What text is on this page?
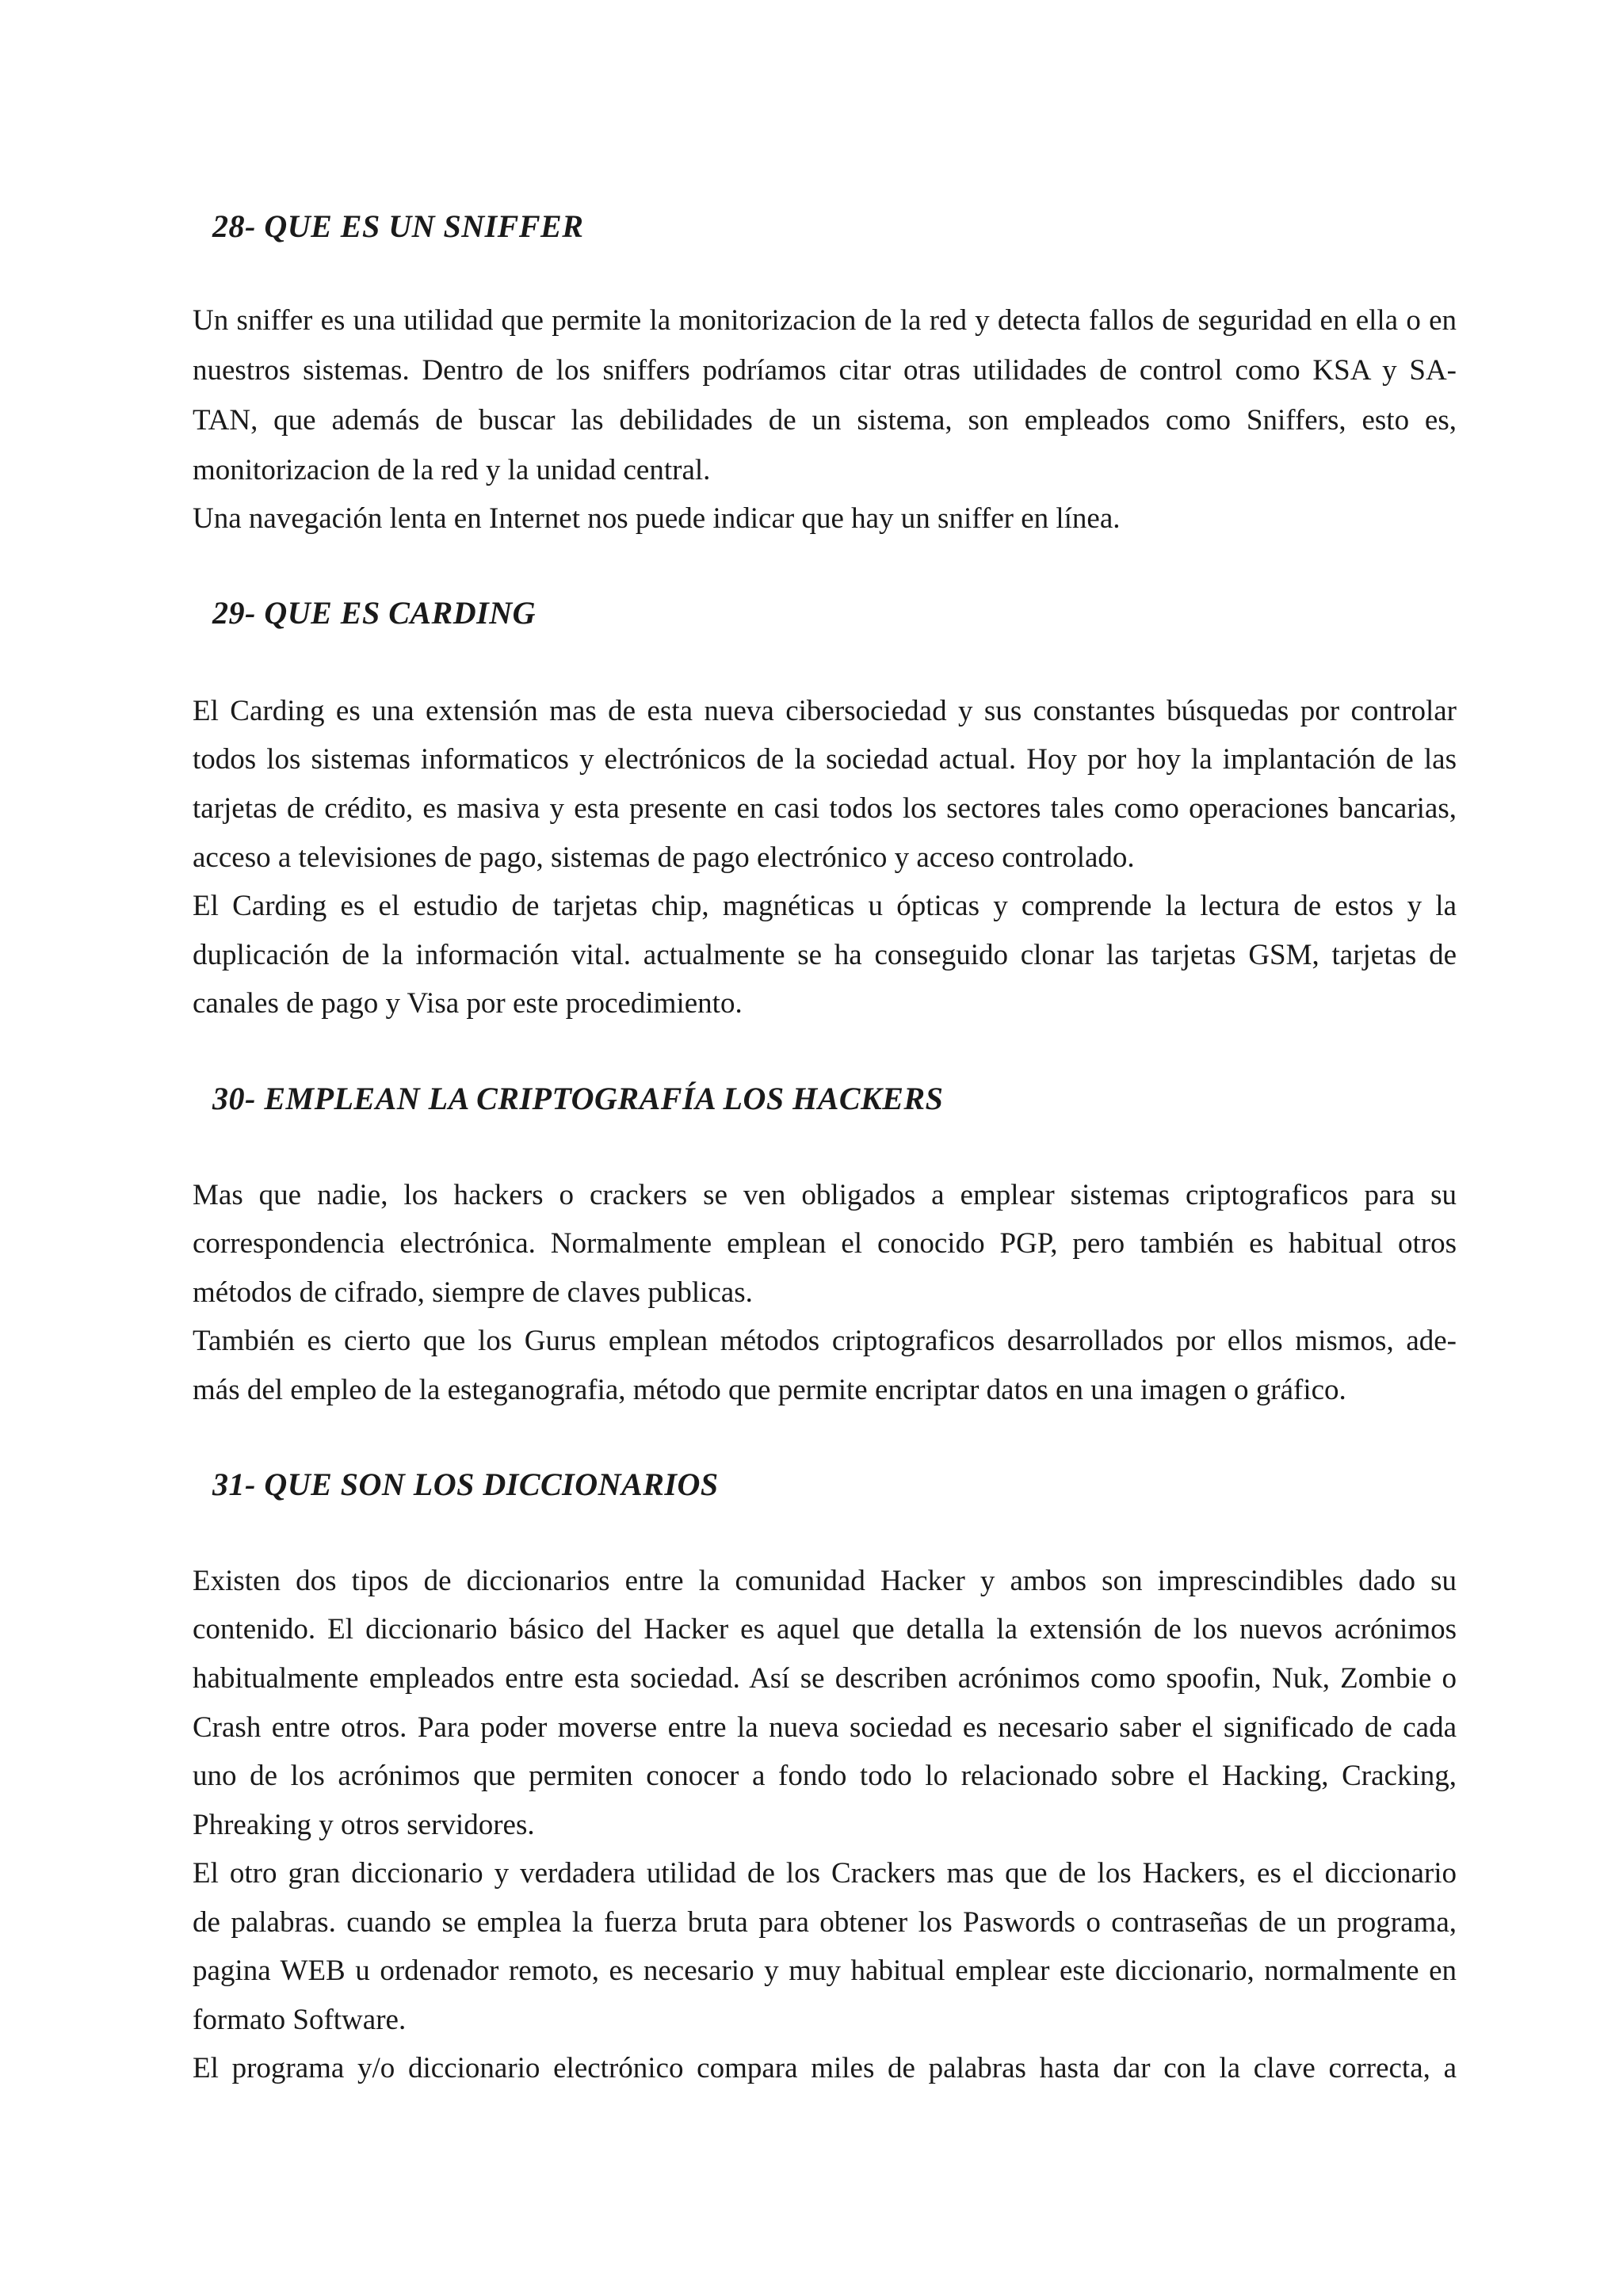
28- QUE ES UN SNIFFER
Un sniffer es una utilidad que permite la monitorizacion de la red y detecta fallos de seguridad en ella o en
nuestros sistemas. Dentro de los sniffers podríamos citar otras utilidades de control como KSA y SA-
TAN, que además de buscar las debilidades de un sistema, son empleados como Sniffers, esto es,
monitorizacion de la red y la unidad central.
Una navegación lenta en Internet nos puede indicar que hay un sniffer en línea.
29- QUE ES CARDING
El Carding es una extensión mas de esta nueva cibersociedad y sus constantes búsquedas por controlar
todos los sistemas informaticos y electrónicos de la sociedad actual. Hoy por hoy la implantación de las
tarjetas de crédito, es masiva y esta presente en casi todos los sectores tales como operaciones bancarias,
acceso a televisiones de pago, sistemas de pago electrónico y acceso controlado.
El Carding es el estudio de tarjetas chip, magnéticas u ópticas y comprende la lectura de estos y la
duplicación de la información vital. actualmente se ha conseguido clonar las tarjetas GSM, tarjetas de
canales de pago y Visa por este procedimiento.
30- EMPLEAN LA CRIPTOGRAFÍA LOS HACKERS
Mas que nadie, los hackers o crackers se ven obligados a emplear sistemas criptograficos para su
correspondencia electrónica. Normalmente emplean el conocido PGP, pero también es habitual otros
métodos de cifrado, siempre de claves publicas.
También es cierto que los Gurus emplean métodos criptograficos desarrollados por ellos mismos, ade-
más del empleo de la esteganografia, método que permite encriptar datos en una imagen o gráfico.
31- QUE SON LOS DICCIONARIOS
Existen dos tipos de diccionarios entre la comunidad Hacker y ambos son imprescindibles dado su
contenido. El diccionario básico del Hacker es aquel que detalla la extensión de los nuevos acrónimos
habitualmente empleados entre esta sociedad. Así se describen acrónimos como spoofin, Nuk, Zombie o
Crash entre otros. Para poder moverse entre la nueva sociedad es necesario saber el significado de cada
uno de los acrónimos que permiten conocer a fondo todo lo relacionado sobre el Hacking, Cracking,
Phreaking y otros servidores.
El otro gran diccionario y verdadera utilidad de los Crackers mas que de los Hackers, es el diccionario
de palabras. cuando se emplea la fuerza bruta para obtener los Paswords o contraseñas de un programa,
pagina WEB u ordenador remoto, es necesario y muy habitual emplear este diccionario, normalmente en
formato Software.
El programa y/o diccionario electrónico compara miles de palabras hasta dar con la clave correcta, a
